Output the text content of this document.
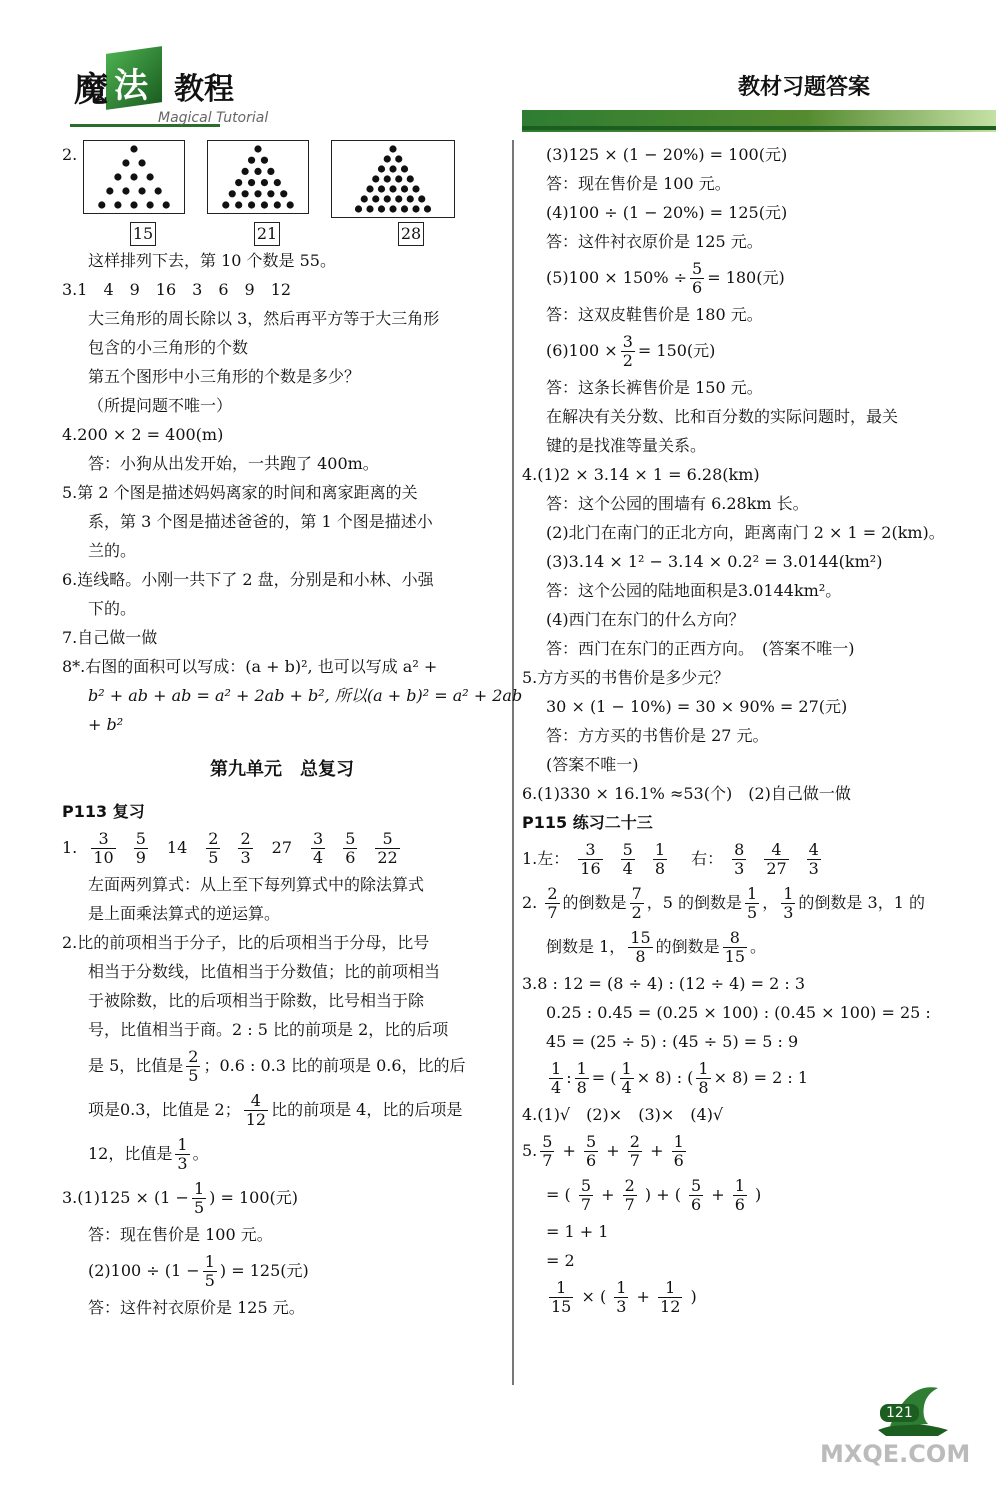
魔 法 教程
Magical Tutorial
教材习题答案
2.
15	21	28
这样排列下去，第 10 个数是 55。
3.1　4　9　16　3　6　9　12
大三角形的周长除以 3，然后再平方等于大三角形
包含的小三角形的个数
第五个图形中小三角形的个数是多少？
（所提问题不唯一）
4.200 × 2 = 400(m)
答：小狗从出发开始，一共跑了 400m。
5.第 2 个图是描述妈妈离家的时间和离家距离的关
系，第 3 个图是描述爸爸的，第 1 个图是描述小
兰的。
6.连线略。小刚一共下了 2 盘，分别是和小林、小强
下的。
7.自己做一做
8*.右图的面积可以写成：(a + b)², 也可以写成 a² +
b² + ab + ab = a² + 2ab + b², 所以(a + b)² = a² + 2ab
+ b²
第九单元　总复习
P113 复习
1. $\frac{3}{10} \frac{5}{9} 14 \frac{2}{5} \frac{2}{3} 27 \frac{3}{4} \frac{5}{6} \frac{5}{22}$
左面两列算式：从上至下每列算式中的除法算式
是上面乘法算式的逆运算。
2.比的前项相当于分子，比的后项相当于分母，比号
相当于分数线，比值相当于分数值；比的前项相当
于被除数，比的后项相当于除数，比号相当于除
号，比值相当于商。2 : 5 比的前项是 2，比的后项
是 5，比值是 $\frac{2}{5}$ ；0.6 : 0.3 比的前项是 0.6，比的后
项是0.3，比值是 2； $\frac{4}{12}$ 比的前项是 4，比的后项是
12，比值是 $\frac{1}{3}$ 。
$3.(1)125 \times (1 - \frac{1}{5}$ ) = 100(元)
答：现在售价是 100 元。
$(2)100 \div (1 - \frac{1}{5}$ ) = 125(元)
答：这件衬衣原价是 125 元。
(3)125 × (1 − 20%) = 100(元)
答：现在售价是 100 元。
(4)100 ÷ (1 − 20%) = 125(元)
答：这件衬衣原价是 125 元。
$(5)100 \times 150\% \div \frac{5}{6} = 180$(元)
答：这双皮鞋售价是 180 元。
$(6)100 \times \frac{3}{2} = 150$(元)
答：这条长裤售价是 150 元。
在解决有关分数、比和百分数的实际问题时，最关
键的是找准等量关系。
4.(1)2 × 3.14 × 1 = 6.28(km)
答：这个公园的围墙有 6.28km 长。
(2)北门在南门的正北方向，距离南门 2 × 1 = 2(km)。
(3)3.14 × 1² − 3.14 × 0.2² = 3.0144(km²)
答：这个公园的陆地面积是3.0144km²。
(4)西门在东门的什么方向？
答：西门在东门的正西方向。　(答案不唯一)
5.方方买的书售价是多少元？
30 × (1 − 10%) = 30 × 90% = 27(元)
答：方方买的书售价是 27 元。
(答案不唯一)
6.(1)330 × 16.1% ≈53(个)　(2)自己做一做
P115 练习二十三
1.左： $\frac{3}{16} \frac{5}{4} \frac{1}{8}$ 右： $\frac{8}{3} \frac{4}{27} \frac{4}{3}$
2. $\frac{2}{7}$ 的倒数是 $\frac{7}{2}$ ，5 的倒数是 $\frac{1}{5}$ ， $\frac{1}{3}$ 的倒数是 3，1 的
倒数是 1， $\frac{15}{8}$ 的倒数是 $\frac{8}{15}$ 。
3.8 : 12 = (8 ÷ 4) : (12 ÷ 4) = 2 : 3
0.25 : 0.45 = (0.25 × 100) : (0.45 × 100) = 25 :
45 = (25 ÷ 5) : (45 ÷ 5) = 5 : 9
$\frac{1}{4}$ : $\frac{1}{8}$ = ( $\frac{1}{4} \times 8$) : ( $\frac{1}{8} \times 8) = 2$ : 1
4.(1)√　(2)×　(3)×　(4)√
5. $\frac{5}{7} + \frac{5}{6} + \frac{2}{7} + \frac{1}{6}$
= ( $\frac{5}{7} + \frac{2}{7}$ ) + ( $\frac{5}{6} + \frac{1}{6}$ )
= 1 + 1
= 2
$\frac{1}{15}$ × ( $\frac{1}{3} + \frac{1}{12}$ )
121
MXQE.COM
